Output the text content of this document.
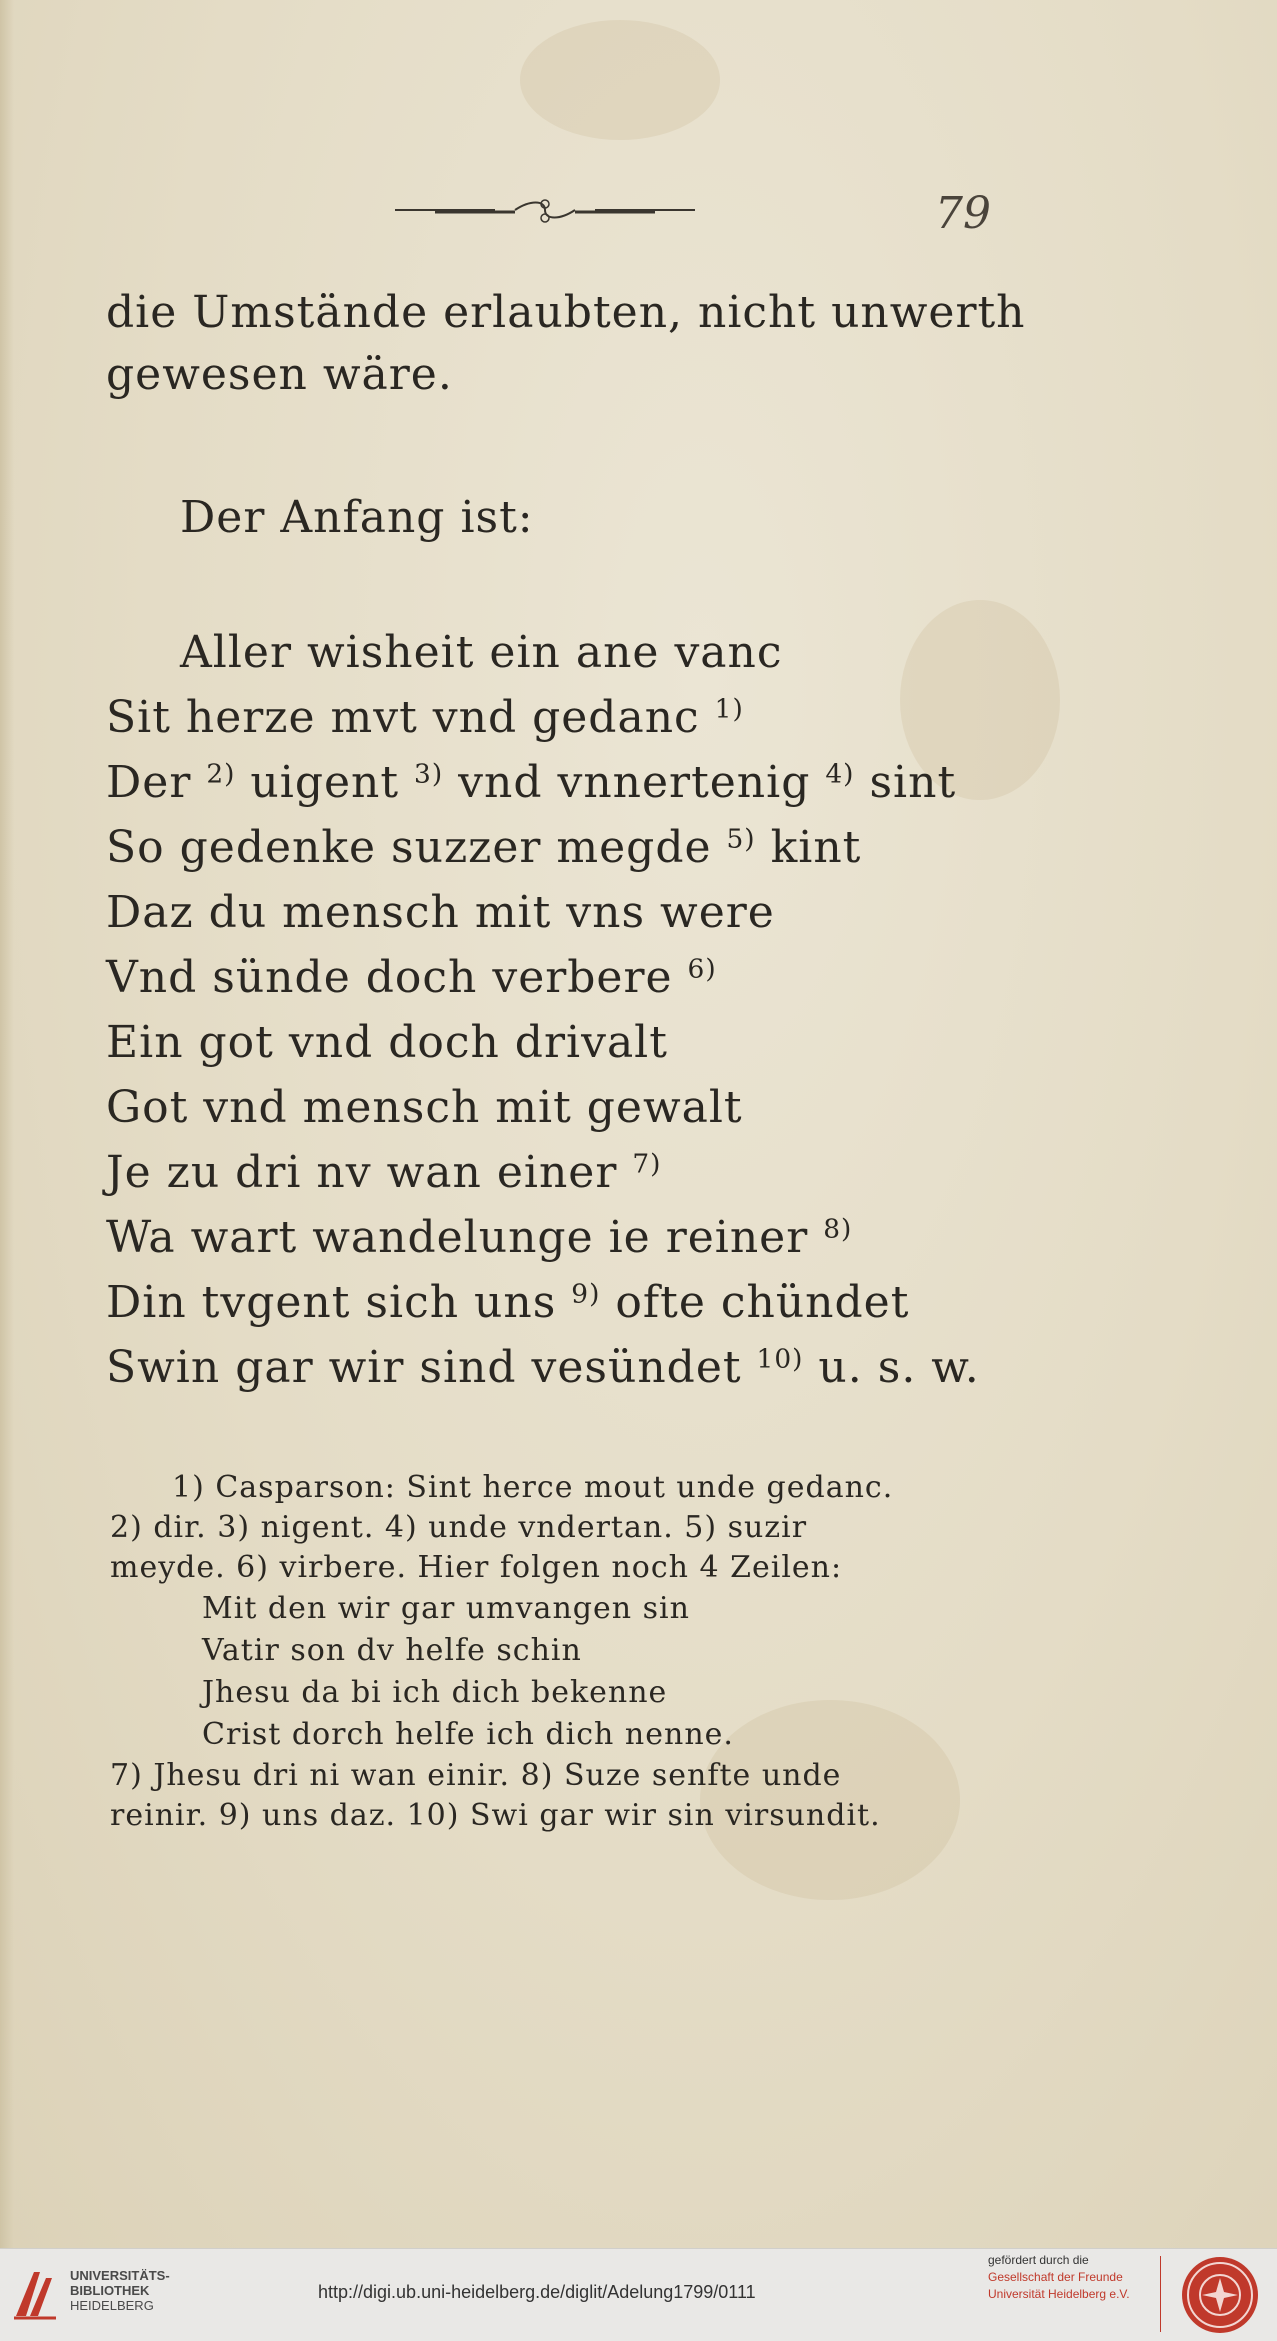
79
die Umstände erlaubten, nicht unwerth
gewesen wäre.
Der Anfang ist:
Aller wisheit ein ane vanc
Sit herze mvt vnd gedanc $^{1)}$
Der $^{2)}$ uigent $^{3)}$ vnd vnnertenig $^{4)}$ sint
So gedenke suzzer megde $^{5)}$ kint
Daz du mensch mit vns were
Vnd sünde doch verbere $^{6)}$
Ein got vnd doch drivalt
Got vnd mensch mit gewalt
Je zu dri nv wan einer $^{7)}$
Wa wart wandelunge ie reiner $^{8)}$
Din tvgent sich uns $^{9)}$ ofte chündet
Swin gar wir sind vesündet $^{10)}$ u. s. w.
1) Casparson: Sint herce mout unde gedanc.
2) dir. 3) nigent. 4) unde vndertan. 5) suzir
meyde. 6) virbere. Hier folgen noch 4 Zeilen:
Mit den wir gar umvangen sin
Vatir son dv helfe schin
Jhesu da bi ich dich bekenne
Crist dorch helfe ich dich nenne.
7) Jhesu dri ni wan einir. 8) Suze senfte unde
reinir. 9) uns daz. 10) Swi gar wir sin virsundit.
UNIVERSITÄTS-
BIBLIOTHEK
HEIDELBERG
http://digi.ub.uni-heidelberg.de/diglit/Adelung1799/0111
gefördert durch die
Gesellschaft der Freunde
Universität Heidelberg e.V.
